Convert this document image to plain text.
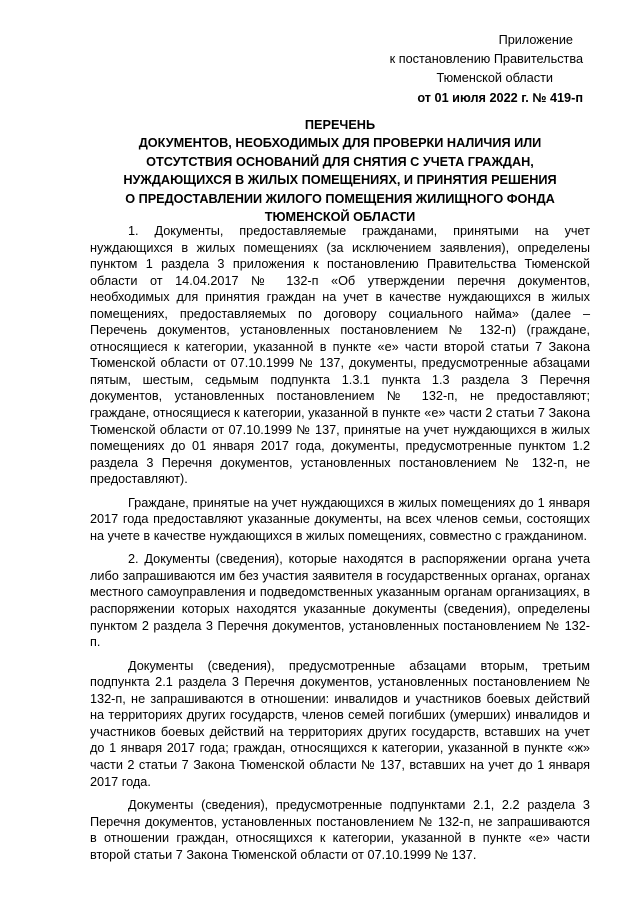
Приложение
к постановлению Правительства
Тюменской области
от 01 июля 2022 г. № 419-п
ПЕРЕЧЕНЬ
ДОКУМЕНТОВ, НЕОБХОДИМЫХ ДЛЯ ПРОВЕРКИ НАЛИЧИЯ ИЛИ
ОТСУТСТВИЯ ОСНОВАНИЙ ДЛЯ СНЯТИЯ С УЧЕТА ГРАЖДАН,
НУЖДАЮЩИХСЯ В ЖИЛЫХ ПОМЕЩЕНИЯХ, И ПРИНЯТИЯ РЕШЕНИЯ
О ПРЕДОСТАВЛЕНИИ ЖИЛОГО ПОМЕЩЕНИЯ ЖИЛИЩНОГО ФОНДА
ТЮМЕНСКОЙ ОБЛАСТИ

1. Документы, предоставляемые гражданами, принятыми на учет нуждающихся в жилых помещениях (за исключением заявления), определены пунктом 1 раздела 3 приложения к постановлению Правительства Тюменской области от 14.04.2017 № 132-п «Об утверждении перечня документов, необходимых для принятия граждан на учет в качестве нуждающихся в жилых помещениях, предоставляемых по договору социального найма» (далее – Перечень документов, установленных постановлением № 132-п) (граждане, относящиеся к категории, указанной в пункте «е» части второй статьи 7 Закона Тюменской области от 07.10.1999 № 137, документы, предусмотренные абзацами пятым, шестым, седьмым подпункта 1.3.1 пункта 1.3 раздела 3 Перечня документов, установленных постановлением № 132-п, не предоставляют; граждане, относящиеся к категории, указанной в пункте «е» части 2 статьи 7 Закона Тюменской области от 07.10.1999 № 137, принятые на учет нуждающихся в жилых помещениях до 01 января 2017 года, документы, предусмотренные пунктом 1.2 раздела 3 Перечня документов, установленных постановлением № 132-п, не предоставляют).

Граждане, принятые на учет нуждающихся в жилых помещениях до 1 января 2017 года предоставляют указанные документы, на всех членов семьи, состоящих на учете в качестве нуждающихся в жилых помещениях, совместно с гражданином.

2. Документы (сведения), которые находятся в распоряжении органа учета либо запрашиваются им без участия заявителя в государственных органах, органах местного самоуправления и подведомственных указанным органам организациях, в распоряжении которых находятся указанные документы (сведения), определены пунктом 2 раздела 3 Перечня документов, установленных постановлением № 132-п.

Документы (сведения), предусмотренные абзацами вторым, третьим подпункта 2.1 раздела 3 Перечня документов, установленных постановлением № 132-п, не запрашиваются в отношении: инвалидов и участников боевых действий на территориях других государств, членов семей погибших (умерших) инвалидов и участников боевых действий на территориях других государств, вставших на учет до 1 января 2017 года; граждан, относящихся к категории, указанной в пункте «ж» части 2 статьи 7 Закона Тюменской области № 137, вставших на учет до 1 января 2017 года.

Документы (сведения), предусмотренные подпунктами 2.1, 2.2 раздела 3 Перечня документов, установленных постановлением № 132-п, не запрашиваются в отношении граждан, относящихся к категории, указанной в пункте «е» части второй статьи 7 Закона Тюменской области от 07.10.1999 № 137.
